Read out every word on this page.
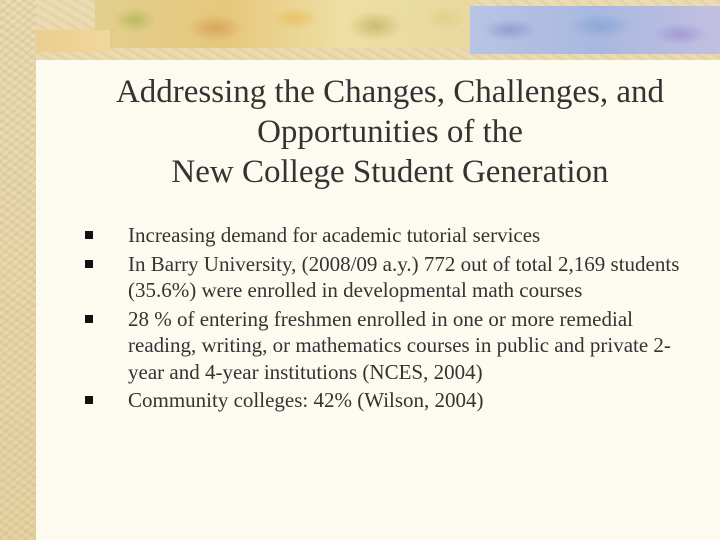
Addressing the Changes, Challenges, and
Opportunities of the
New College Student Generation
Increasing demand for academic tutorial services
In Barry University, (2008/09 a.y.) 772 out of total 2,169 students (35.6%) were enrolled in developmental math courses
28 % of entering freshmen enrolled in one or more remedial reading, writing, or mathematics courses in public and private 2-year and 4-year institutions (NCES, 2004)
Community colleges: 42% (Wilson, 2004)
